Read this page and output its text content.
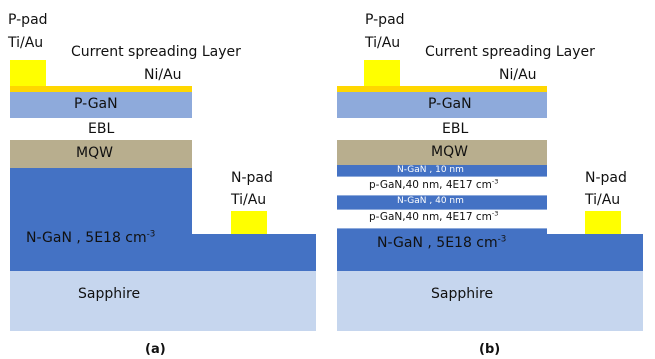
P-pad
Ti/Au
Current spreading Layer
Ni/Au
P-GaN
EBL
MQW
N-GaN , 5E18 $cm^{-3}$
N-pad
Ti/Au
Sapphire
(a)
P-pad
Ti/Au
Current spreading Layer
Ni/Au
P-GaN
EBL
MQW
N-GaN , 10 nm
p-GaN,40 nm, 4E17 $cm^{-3}$
N-GaN , 40 nm
p-GaN,40 nm, 4E17 $cm^{-3}$
N-GaN , 5E18 $cm^{-3}$
N-pad
Ti/Au
Sapphire
(b)
